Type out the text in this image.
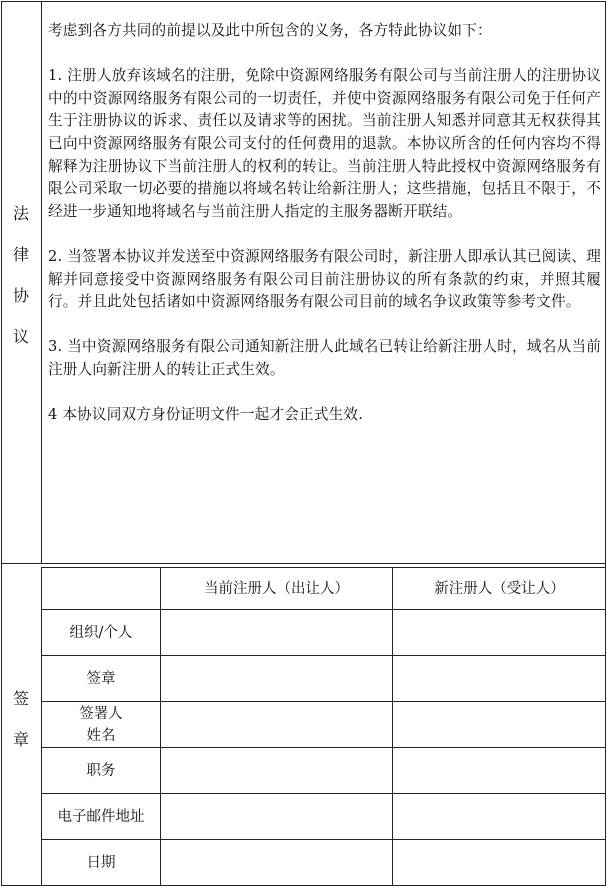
法
律
协
议

考虑到各方共同的前提以及此中所包含的义务，各方特此协议如下：

1. 注册人放弃该域名的注册，免除中资源网络服务有限公司与当前注册人的注册协议中的中资源网络服务有限公司的一切责任，并使中资源网络服务有限公司免于任何产生于注册协议的诉求、责任以及请求等的困扰。当前注册人知悉并同意其无权获得其已向中资源网络服务有限公司支付的任何费用的退款。本协议所含的任何内容均不得解释为注册协议下当前注册人的权利的转让。当前注册人特此授权中资源网络服务有限公司采取一切必要的措施以将域名转让给新注册人；这些措施，包括且不限于，不经进一步通知地将域名与当前注册人指定的主服务器断开联结。

2. 当签署本协议并发送至中资源网络服务有限公司时，新注册人即承认其已阅读、理解并同意接受中资源网络服务有限公司目前注册协议的所有条款的约束，并照其履行。并且此处包括诸如中资源网络服务有限公司目前的域名争议政策等参考文件。

3. 当中资源网络服务有限公司通知新注册人此域名已转让给新注册人时，域名从当前注册人向新注册人的转让正式生效。

4 本协议同双方身份证明文件一起才会正式生效.

签
章
当前注册人（出让人）	新注册人（受让人）
组织/个人
签章
签署人
姓名
职务
电子邮件地址
日期
